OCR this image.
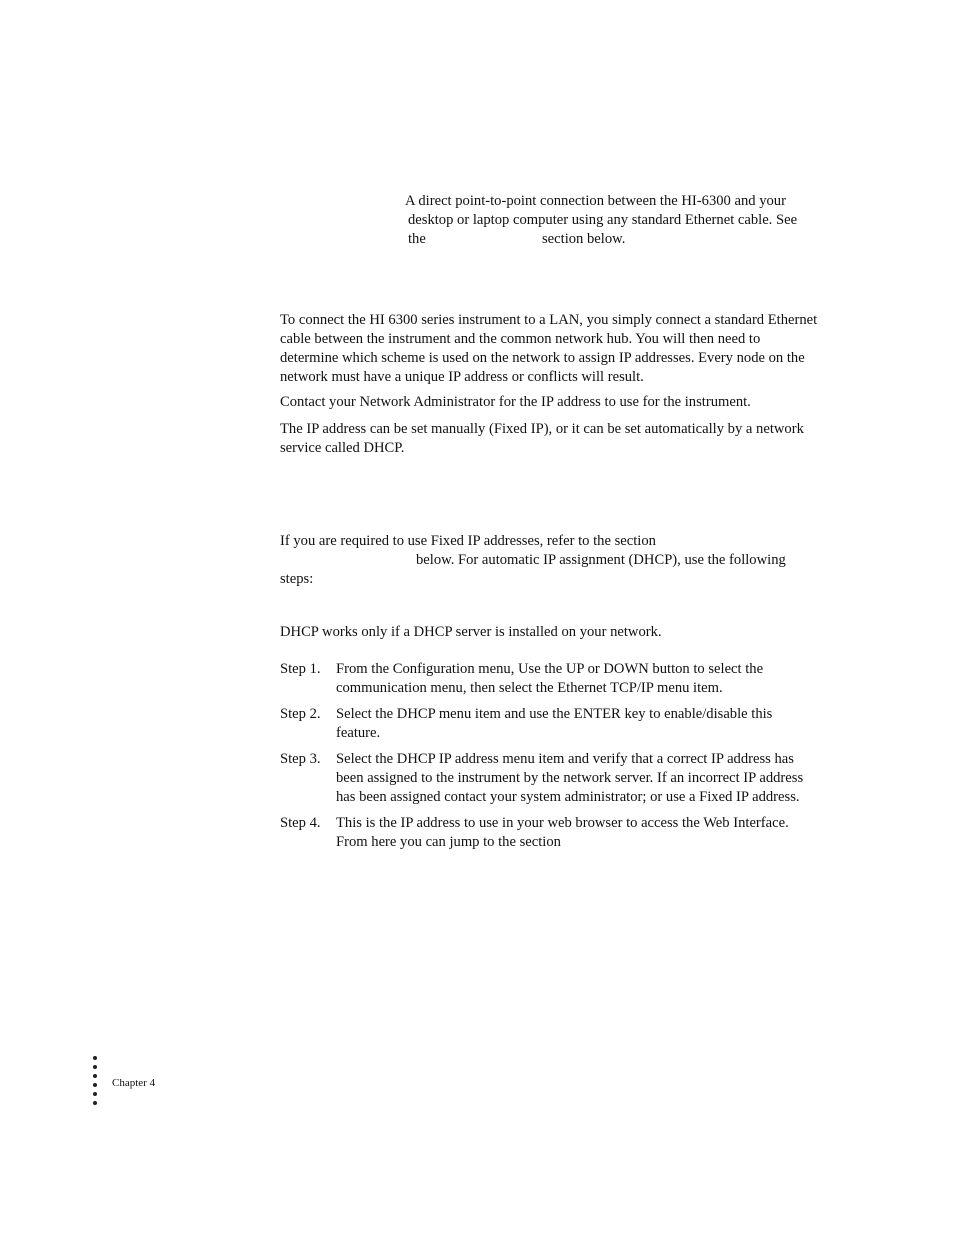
A direct point-to-point connection between the HI-6300 and your
desktop or laptop computer using any standard Ethernet cable. See
the	section below.
To connect the HI 6300 series instrument to a LAN, you simply connect a standard Ethernet
cable between the instrument and the common network hub. You will then need to
determine which scheme is used on the network to assign IP addresses. Every node on the
network must have a unique IP address or conflicts will result.
Contact your Network Administrator for the IP address to use for the instrument.
The IP address can be set manually (Fixed IP), or it can be set automatically by a network
service called DHCP.
If you are required to use Fixed IP addresses, refer to the section
below. For automatic IP assignment (DHCP), use the following
steps:
DHCP works only if a DHCP server is installed on your network.
Step 1. From the Configuration menu, Use the UP or DOWN button to select the
communication menu, then select the Ethernet TCP/IP menu item.
Step 2. Select the DHCP menu item and use the ENTER key to enable/disable this
feature.
Step 3. Select the DHCP IP address menu item and verify that a correct IP address has
been assigned to the instrument by the network server. If an incorrect IP address
has been assigned contact your system administrator; or use a Fixed IP address.
Step 4. This is the IP address to use in your web browser to access the Web Interface.
From here you can jump to the section
Chapter 4
